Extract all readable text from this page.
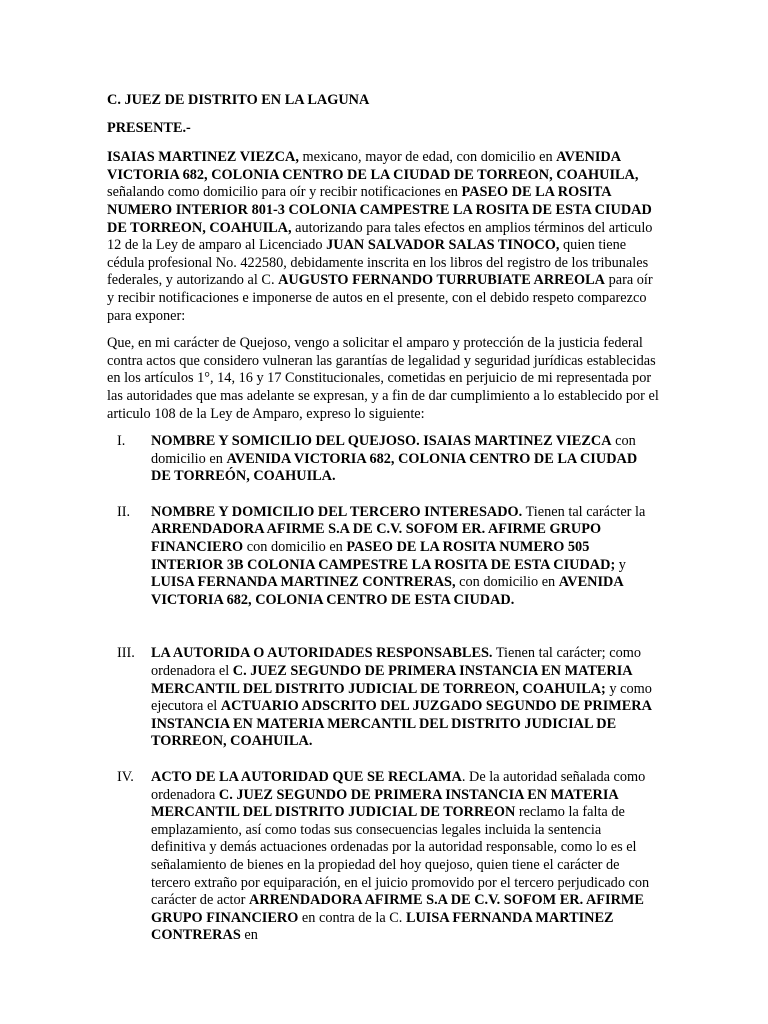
C. JUEZ DE DISTRITO EN LA LAGUNA

PRESENTE.-

ISAIAS MARTINEZ VIEZCA, mexicano, mayor de edad, con domicilio en AVENIDA VICTORIA 682, COLONIA CENTRO DE LA CIUDAD DE TORREON, COAHUILA, señalando como domicilio para oír y recibir notificaciones en PASEO DE LA ROSITA NUMERO INTERIOR 801-3 COLONIA CAMPESTRE LA ROSITA DE ESTA CIUDAD DE TORREON, COAHUILA, autorizando para tales efectos en amplios términos del articulo 12 de la Ley de amparo al Licenciado JUAN SALVADOR SALAS TINOCO, quien tiene cédula profesional No. 422580, debidamente inscrita en los libros del registro de los tribunales federales, y autorizando al C. AUGUSTO FERNANDO TURRUBIATE ARREOLA para oír y recibir notificaciones e imponerse de autos en el presente, con el debido respeto comparezco para exponer:

Que, en mi carácter de Quejoso, vengo a solicitar el amparo y protección de la justicia federal contra actos que considero vulneran las garantías de legalidad y seguridad jurídicas establecidas en los artículos 1°, 14, 16 y 17 Constitucionales, cometidas en perjuicio de mi representada por las autoridades que mas adelante se expresan, y a fin de dar cumplimiento a lo establecido por el articulo 108 de la Ley de Amparo, expreso lo siguiente:

I. NOMBRE Y SOMICILIO DEL QUEJOSO. ISAIAS MARTINEZ VIEZCA con domicilio en AVENIDA VICTORIA 682, COLONIA CENTRO DE LA CIUDAD DE TORREÓN, COAHUILA.
II. NOMBRE Y DOMICILIO DEL TERCERO INTERESADO. Tienen tal carácter la ARRENDADORA AFIRME S.A DE C.V. SOFOM ER. AFIRME GRUPO FINANCIERO con domicilio en PASEO DE LA ROSITA NUMERO 505 INTERIOR 3B COLONIA CAMPESTRE LA ROSITA DE ESTA CIUDAD; y LUISA FERNANDA MARTINEZ CONTRERAS, con domicilio en AVENIDA VICTORIA 682, COLONIA CENTRO DE ESTA CIUDAD.
III. LA AUTORIDA O AUTORIDADES RESPONSABLES. Tienen tal carácter; como ordenadora el C. JUEZ SEGUNDO DE PRIMERA INSTANCIA EN MATERIA MERCANTIL DEL DISTRITO JUDICIAL DE TORREON, COAHUILA; y como ejecutora el ACTUARIO ADSCRITO DEL JUZGADO SEGUNDO DE PRIMERA INSTANCIA EN MATERIA MERCANTIL DEL DISTRITO JUDICIAL DE TORREON, COAHUILA.
IV. ACTO DE LA AUTORIDAD QUE SE RECLAMA. De la autoridad señalada como ordenadora C. JUEZ SEGUNDO DE PRIMERA INSTANCIA EN MATERIA MERCANTIL DEL DISTRITO JUDICIAL DE TORREON reclamo la falta de emplazamiento, así como todas sus consecuencias legales incluida la sentencia definitiva y demás actuaciones ordenadas por la autoridad responsable, como lo es el señalamiento de bienes en la propiedad del hoy quejoso, quien tiene el carácter de tercero extraño por equiparación, en el juicio promovido por el tercero perjudicado con carácter de actor ARRENDADORA AFIRME S.A DE C.V. SOFOM ER. AFIRME GRUPO FINANCIERO en contra de la C. LUISA FERNANDA MARTINEZ CONTRERAS en
